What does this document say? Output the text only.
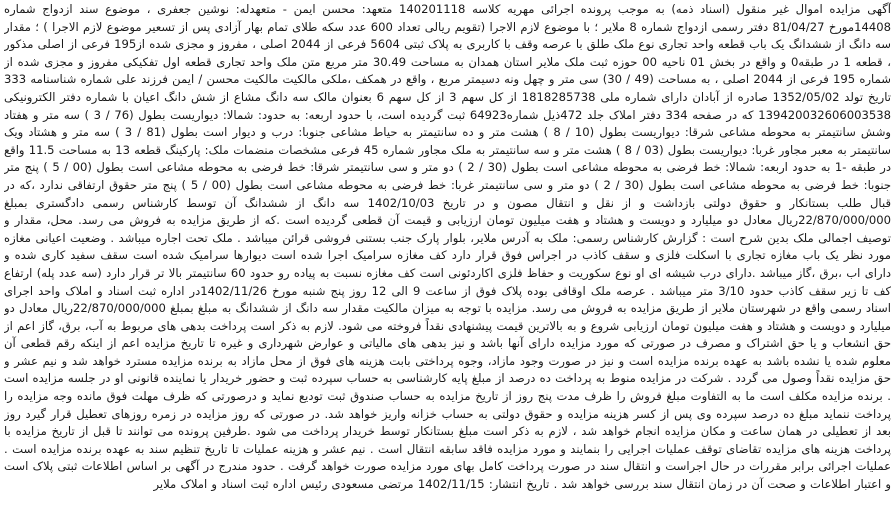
آگهی مزایده اموال غیر منقول (اسناد ذمه) به موجب پرونده اجرائی مهریه کلاسه 140201118 متعهد: محسن ایمن - متعهدله: نوشین جعفری ، موضوع سند ازدواج شماره 14408مورخ 81/04/27 دفتر رسمی ازدواج شماره 8 ملایر ؛ با موضوع لازم الاجرا (تقویم ریالی تعداد 600 عدد سکه طلای تمام بهار آزادی پس از تسعیر موضوع لازم الاجرا ) ؛ مقدار سه دانگ از ششدانگ یک باب قطعه واحد تجاری نوع ملک طلق با عرصه وقف با کاربری به پلاک ثبتی 5604 فرعی از 2044 اصلی ، مفروز و مجزی شده از195 فرعی از اصلی مذکور ، قطعه 1 در طبقه0 و واقع در بخش 01 ناحیه 00 حوزه ثبت ملک ملایر استان همدان به مساحت 30.49 متر مربع متن ملک واحد تجاری قطعه اول تفکیکی مفروز و مجزی شده از شماره 195 فرعی از 2044 اصلی ، به مساحت (49 / 30) سی متر و چهل ونه دسیمتر مربع ، واقع در همکف ،ملکی مالکیت مالکیت محسن / ایمن فرزند علی شماره شناسنامه 333 تاریخ تولد 1352/05/02 صادره از آبادان دارای شماره ملی 1818285738 از کل سهم 3 از کل سهم 6 بعنوان مالک سه دانگ مشاع از شش دانگ اعیان با شماره دفتر الکترونیکی 139420032606003538 که در صفحه 334 دفتر املاک جلد 472ذیل شماره64923 ثبت گردیده است، با حدود اربعه: به حدود: شمالا: دیواریست بطول (76 / 3 ) سه متر و هفتاد وشش سانتیمتر به محوطه مشاعی شرقا: دیواریست بطول (10 / 8 ) هشت متر و ده سانتیمتر به حیاط مشاعی جنوبا: درب و دیوار است بطول (81 / 3 ) سه متر و هشتاد ویک سانتیمتر به معبر مجاور غربا: دیواریست بطول (03 / 8 ) هشت متر و سه سانتیمتر به ملک مجاور شماره 45 فرعی مشخصات منضمات ملک: پارکینگ قطعه 13 به مساحت 11.5 واقع در طبقه -1 به حدود اربعه: شمالا: خط فرضی به محوطه مشاعی است بطول (30 / 2 ) دو متر و سی سانتیمتر شرقا: خط فرضی به محوطه مشاعی است بطول (00 / 5 ) پنج متر جنوبا: خط فرضی به محوطه مشاعی است بطول (30 / 2 ) دو متر و سی سانتیمتر غربا: خط فرضی به محوطه مشاعی است بطول (00 / 5 ) پنج متر حقوق ارتفاقی ندارد ،که در قبال طلب بستانکار و حقوق دولتی بازداشت و از نقل و انتقال مصون و در تاریخ 1402/10/03 سه دانگ از ششدانگ آن توسط کارشناس رسمی دادگستری بمبلغ 22/870/000/000ریال معادل دو میلیارد و دویست و هشتاد و هفت میلیون تومان ارزیابی و قیمت آن قطعی گردیده است .که از طریق مزایده به فروش می رسد. محل، مقدار و توصیف اجمالی ملک بدین شرح است : گزارش کارشناس رسمی: ملک به آدرس ملایر، بلوار پارک جنب بستنی فروشی قرائن میباشد . ملک تحت اجاره میباشد . وضعیت اعیانی مغازه مورد نظر یک باب مغازه تجاری با اسکلت فلزی و سقف کاذب در اجراس فوق قرار دارد کف مغازه سرامیک اجرا شده است دیوارها سرامیک شده است سقف سفید کاری شده و دارای اب ،برق ،گاز میباشد .دارای درب شیشه ای او نوع سکوریت و حفاظ فلزی اکاردئونی است کف مغازه نسبت به پیاده رو حدود 60 سانتیمتر بالا تر قرار دارد (سه عدد پله) ارتفاع کف تا زیر سقف کاذب حدود 3/10 متر میباشد . عرصه ملک اوقافی بوده پلاک فوق از ساعت 9 الی 12 روز پنج شنبه مورخ 1402/11/26در اداره ثبت اسناد و املاک واحد اجرای اسناد رسمی واقع در شهرستان ملایر از طریق مزایده به فروش می رسد. مزایده با توجه به میزان مالکیت مقدار سه دانگ از ششدانگ به مبلغ بمبلغ 22/870/000/000ریال معادل دو میلیارد و دویست و هشتاد و هفت میلیون تومان ارزیابی شروع و به بالاترین قیمت پیشنهادی نقداً فروخته می شود. لازم به ذکر است پرداخت بدهی های مربوط به آب، برق، گاز اعم از حق انشعاب و یا حق اشتراک و مصرف در صورتی که مورد مزایده دارای آنها باشد و نیز بدهی های مالیاتی و عوارض شهرداری و غیره تا تاریخ مزایده اعم از اینکه رقم قطعی آن معلوم شده یا نشده باشد به عهده برنده مزایده است و نیز در صورت وجود مازاد، وجوه پرداختی بابت هزینه های فوق از محل مازاد به برنده مزایده مسترد خواهد شد و نیم عشر و حق مزایده نقداً وصول می گردد . شرکت در مزایده منوط به پرداخت ده درصد از مبلغ پایه کارشناسی به حساب سپرده ثبت و حضور خریدار یا نماینده قانونی او در جلسه مزایده است . برنده مزایده مکلف است ما به التفاوت مبلغ فروش را ظرف مدت پنج روز از تاریخ مزایده به حساب صندوق ثبت تودیع نماید و درصورتی که ظرف مهلت فوق مانده وجه مزایده را پرداخت ننماید مبلغ ده درصد سپرده وی پس از کسر هزینه مزایده و حقوق دولتی به حساب خزانه واریز خواهد شد. در صورتی که روز مزایده در زمره روزهای تعطیل قرار گیرد روز بعد از تعطیلی در همان ساعت و مکان مزایده انجام خواهد شد ، لازم به ذکر است مبلغ بستانکار توسط خریدار پرداخت می شود .طرفین پرونده می توانند تا قبل از تاریخ مزایده با پرداخت هزینه های مزایده تقاضای توقف عملیات اجرایی را بنمایند و مورد مزایده فاقد سابقه انتقال است . نیم عشر و هزینه عملیات تا تاریخ تنظیم سند به عهده برنده مزایده است . عملیات اجرائی برابر مقررات در حال اجراست و انتقال سند در صورت پرداخت کامل بهای مورد مزایده صورت خواهد گرفت . حدود مندرج در آگهی بر اساس اطلاعات ثبتی پلاک است و اعتبار اطلاعات و صحت آن در زمان انتقال سند بررسی خواهد شد . تاریخ انتشار: 1402/11/15 مرتضی مسعودی رئیس اداره ثبت اسناد و املاک ملایر
